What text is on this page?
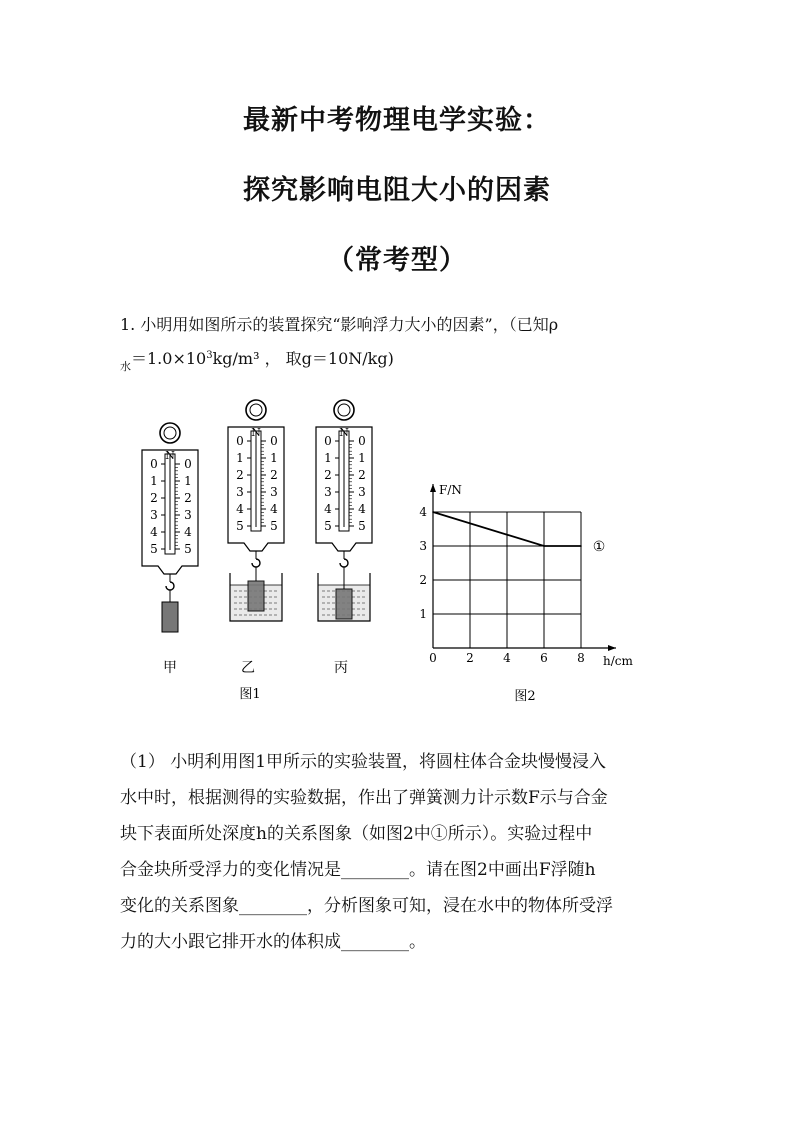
最新中考物理电学实验：
探究影响电阻大小的因素
（常考型）
1. 小明用如图所示的装置探究“影响浮力大小的因素”，（已知ρ
$_水=1.0\times 10^3kg/m^3$ ， 取g＝10N/kg)
N
0 0
1 1
2 2
3 3
4 4
5 5
N
0 0
1 1
2 2
3 3
4 4
5 5
N
0 0
1 1
2 2
3 3
4 4
5 5
甲	乙	丙
图1
F/N
h/cm
0 2 4 6 8
1
2
3
4
①
图2
（1） 小明利用图1甲所示的实验装置，将圆柱体合金块慢慢浸入
水中时，根据测得的实验数据，作出了弹簧测力计示数F示与合金
块下表面所处深度h的关系图象（如图2中①所示）。实验过程中
合金块所受浮力的变化情况是________。请在图2中画出F浮随h
变化的关系图象________，分析图象可知，浸在水中的物体所受浮
力的大小跟它排开水的体积成________。
